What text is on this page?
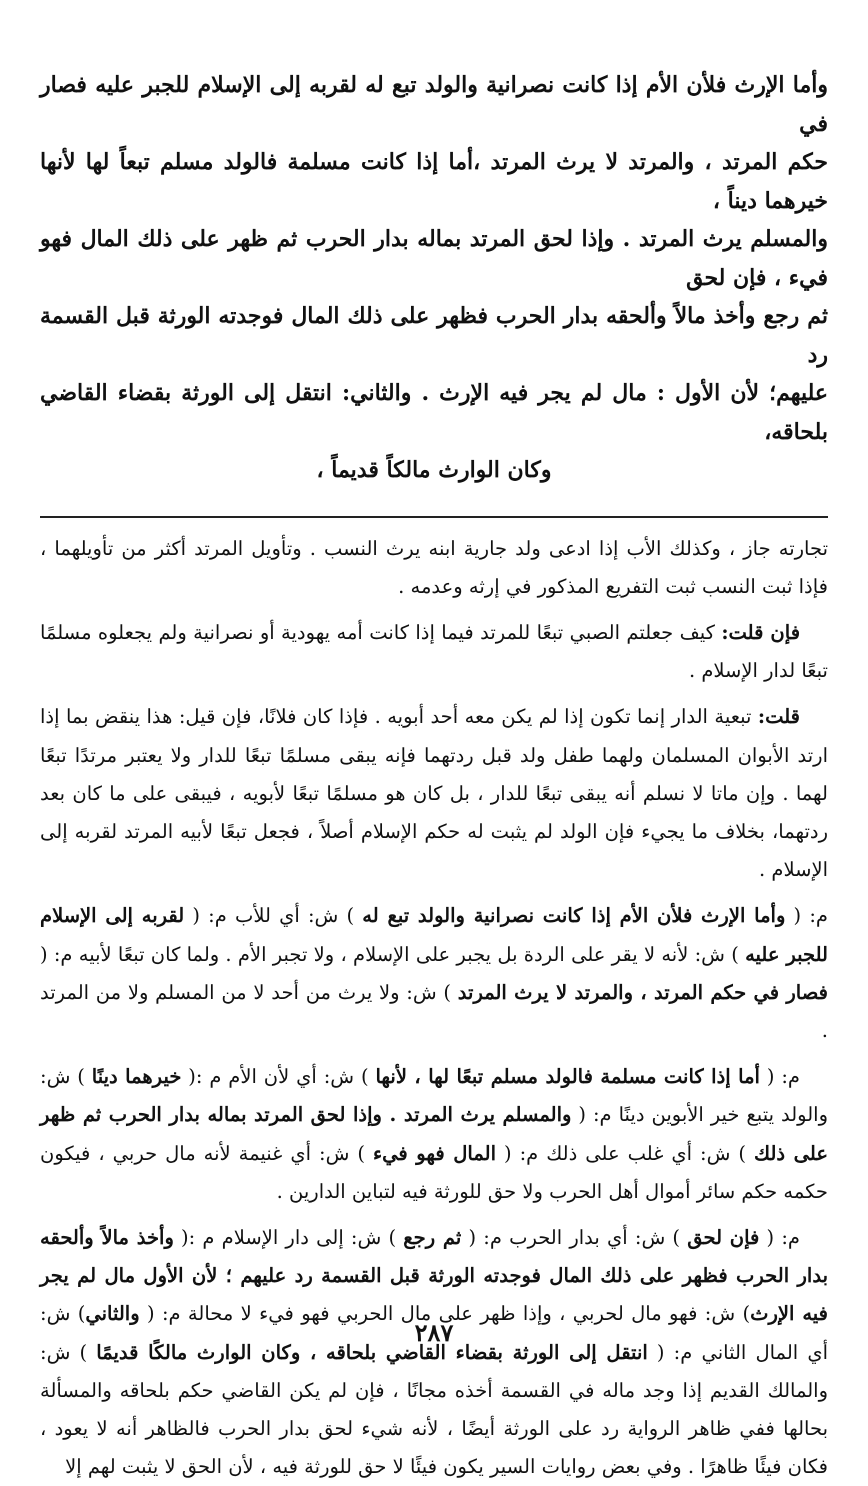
وأما الإرث فلأن الأم إذا كانت نصرانية والولد تبع له لقربه إلى الإسلام للجبر عليه فصار في

حكم المرتد ، والمرتد لا يرث المرتد ،أما إذا كانت مسلمة فالولد مسلم تبعاً لها لأنها خيرهما ديناً ،

والمسلم يرث المرتد . وإذا لحق المرتد بماله بدار الحرب ثم ظهر على ذلك المال فهو فيء ، فإن لحق

ثم رجع وأخذ مالاً وألحقه بدار الحرب فظهر على ذلك المال فوجدته الورثة قبل القسمة رد

عليهم؛ لأن الأول : مال لم يجر فيه الإرث . والثاني: انتقل إلى الورثة بقضاء القاضي بلحاقه،

وكان الوارث مالكاً قديماً ،

تجارته جاز ، وكذلك الأب إذا ادعى ولد جارية ابنه يرث النسب . وتأويل المرتد أكثر من تأويلهما ، فإذا ثبت النسب ثبت التفريع المذكور في إرثه وعدمه .

فإن قلت: كيف جعلتم الصبي تبعًا للمرتد فيما إذا كانت أمه يهودية أو نصرانية ولم يجعلوه مسلمًا تبعًا لدار الإسلام .

قلت: تبعية الدار إنما تكون إذا لم يكن معه أحد أبويه . فإذا كان فلانًا، فإن قيل: هذا ينقض بما إذا ارتد الأبوان المسلمان ولهما طفل ولد قبل ردتهما فإنه يبقى مسلمًا تبعًا للدار ولا يعتبر مرتدًا تبعًا لهما . وإن ماتا لا نسلم أنه يبقى تبعًا للدار ، بل كان هو مسلمًا تبعًا لأبويه ، فيبقى على ما كان بعد ردتهما، بخلاف ما يجيء فإن الولد لم يثبت له حكم الإسلام أصلاً ، فجعل تبعًا لأبيه المرتد لقربه إلى الإسلام .

م: ( وأما الإرث فلأن الأم إذا كانت نصرانية والولد تبع له ) ش: أي للأب م: ( لقربه إلى الإسلام للجبر عليه ) ش: لأنه لا يقر على الردة بل يجبر على الإسلام ، ولا تجبر الأم . ولما كان تبعًا لأبيه م: ( فصار في حكم المرتد ، والمرتد لا يرث المرتد ) ش: ولا يرث من أحد لا من المسلم ولا من المرتد .

م: ( أما إذا كانت مسلمة فالولد مسلم تبعًا لها ، لأنها ) ش: أي لأن الأم م :( خيرهما دينًا ) ش: والولد يتبع خير الأبوين دينًا م: ( والمسلم يرث المرتد . وإذا لحق المرتد بماله بدار الحرب ثم ظهر على ذلك ) ش: أي غلب على ذلك م: ( المال فهو فيء ) ش: أي غنيمة لأنه مال حربي ، فيكون حكمه حكم سائر أموال أهل الحرب ولا حق للورثة فيه لتباين الدارين .

م: ( فإن لحق ) ش: أي بدار الحرب م: ( ثم رجع ) ش: إلى دار الإسلام م :( وأخذ مالاً وألحقه بدار الحرب فظهر على ذلك المال فوجدته الورثة قبل القسمة رد عليهم ؛ لأن الأول مال لم يجر فيه الإرث) ش: فهو مال لحربي ، وإذا ظهر على مال الحربي فهو فيء لا محالة م: ( والثاني) ش: أي المال الثاني م: ( انتقل إلى الورثة بقضاء القاضي بلحاقه ، وكان الوارث مالكًا قديمًا ) ش: والمالك القديم إذا وجد ماله في القسمة أخذه مجانًا ، فإن لم يكن القاضي حكم بلحاقه والمسألة بحالها ففي ظاهر الرواية رد على الورثة أيضًا ، لأنه شيء لحق بدار الحرب فالظاهر أنه لا يعود ، فكان فيئًا ظاهرًا . وفي بعض روايات السير يكون فيئًا لا حق للورثة فيه ، لأن الحق لا يثبت لهم إلا

٢٨٧
